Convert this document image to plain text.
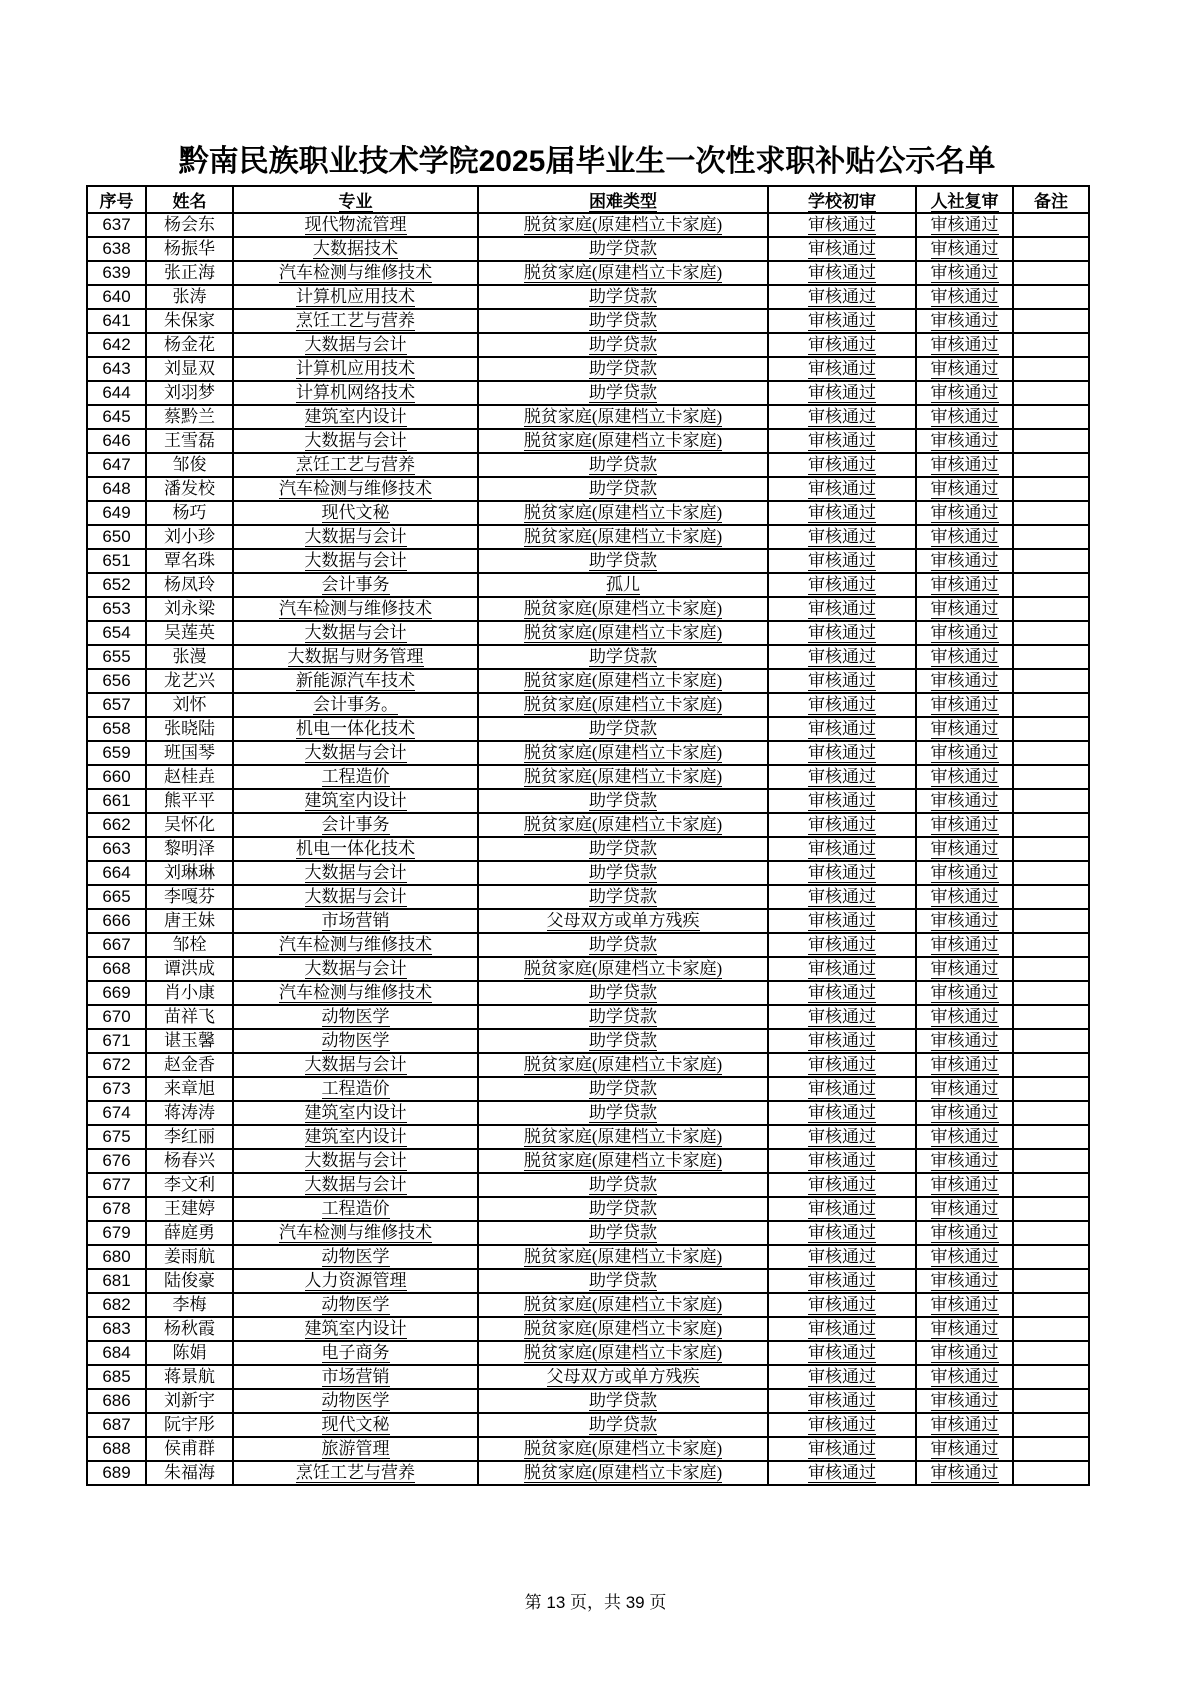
黔南民族职业技术学院2025届毕业生一次性求职补贴公示名单
序号	姓名	专业	困难类型	学校初审	人社复审	备注
637	杨会东	现代物流管理	脱贫家庭(原建档立卡家庭)	审核通过	审核通过	
638	杨振华	大数据技术	助学贷款	审核通过	审核通过	
639	张正海	汽车检测与维修技术	脱贫家庭(原建档立卡家庭)	审核通过	审核通过	
640	张涛	计算机应用技术	助学贷款	审核通过	审核通过	
641	朱保家	烹饪工艺与营养	助学贷款	审核通过	审核通过	
642	杨金花	大数据与会计	助学贷款	审核通过	审核通过	
643	刘显双	计算机应用技术	助学贷款	审核通过	审核通过	
644	刘羽梦	计算机网络技术	助学贷款	审核通过	审核通过	
645	蔡黔兰	建筑室内设计	脱贫家庭(原建档立卡家庭)	审核通过	审核通过	
646	王雪磊	大数据与会计	脱贫家庭(原建档立卡家庭)	审核通过	审核通过	
647	邹俊	烹饪工艺与营养	助学贷款	审核通过	审核通过	
648	潘发校	汽车检测与维修技术	助学贷款	审核通过	审核通过	
649	杨巧	现代文秘	脱贫家庭(原建档立卡家庭)	审核通过	审核通过	
650	刘小珍	大数据与会计	脱贫家庭(原建档立卡家庭)	审核通过	审核通过	
651	覃名珠	大数据与会计	助学贷款	审核通过	审核通过	
652	杨凤玲	会计事务	孤儿	审核通过	审核通过	
653	刘永梁	汽车检测与维修技术	脱贫家庭(原建档立卡家庭)	审核通过	审核通过	
654	吴莲英	大数据与会计	脱贫家庭(原建档立卡家庭)	审核通过	审核通过	
655	张漫	大数据与财务管理	助学贷款	审核通过	审核通过	
656	龙艺兴	新能源汽车技术	脱贫家庭(原建档立卡家庭)	审核通过	审核通过	
657	刘怀	会计事务。	脱贫家庭(原建档立卡家庭)	审核通过	审核通过	
658	张晓陆	机电一体化技术	助学贷款	审核通过	审核通过	
659	班国琴	大数据与会计	脱贫家庭(原建档立卡家庭)	审核通过	审核通过	
660	赵桂垚	工程造价	脱贫家庭(原建档立卡家庭)	审核通过	审核通过	
661	熊平平	建筑室内设计	助学贷款	审核通过	审核通过	
662	吴怀化	会计事务	脱贫家庭(原建档立卡家庭)	审核通过	审核通过	
663	黎明泽	机电一体化技术	助学贷款	审核通过	审核通过	
664	刘琳琳	大数据与会计	助学贷款	审核通过	审核通过	
665	李嘎芬	大数据与会计	助学贷款	审核通过	审核通过	
666	唐王妹	市场营销	父母双方或单方残疾	审核通过	审核通过	
667	邹栓	汽车检测与维修技术	助学贷款	审核通过	审核通过	
668	谭洪成	大数据与会计	脱贫家庭(原建档立卡家庭)	审核通过	审核通过	
669	肖小康	汽车检测与维修技术	助学贷款	审核通过	审核通过	
670	苗祥飞	动物医学	助学贷款	审核通过	审核通过	
671	谌玉馨	动物医学	助学贷款	审核通过	审核通过	
672	赵金香	大数据与会计	脱贫家庭(原建档立卡家庭)	审核通过	审核通过	
673	来章旭	工程造价	助学贷款	审核通过	审核通过	
674	蒋涛涛	建筑室内设计	助学贷款	审核通过	审核通过	
675	李红丽	建筑室内设计	脱贫家庭(原建档立卡家庭)	审核通过	审核通过	
676	杨春兴	大数据与会计	脱贫家庭(原建档立卡家庭)	审核通过	审核通过	
677	李文利	大数据与会计	助学贷款	审核通过	审核通过	
678	王建婷	工程造价	助学贷款	审核通过	审核通过	
679	薛庭勇	汽车检测与维修技术	助学贷款	审核通过	审核通过	
680	姜雨航	动物医学	脱贫家庭(原建档立卡家庭)	审核通过	审核通过	
681	陆俊豪	人力资源管理	助学贷款	审核通过	审核通过	
682	李梅	动物医学	脱贫家庭(原建档立卡家庭)	审核通过	审核通过	
683	杨秋霞	建筑室内设计	脱贫家庭(原建档立卡家庭)	审核通过	审核通过	
684	陈娟	电子商务	脱贫家庭(原建档立卡家庭)	审核通过	审核通过	
685	蒋景航	市场营销	父母双方或单方残疾	审核通过	审核通过	
686	刘新宇	动物医学	助学贷款	审核通过	审核通过	
687	阮宇彤	现代文秘	助学贷款	审核通过	审核通过	
688	侯甫群	旅游管理	脱贫家庭(原建档立卡家庭)	审核通过	审核通过	
689	朱福海	烹饪工艺与营养	脱贫家庭(原建档立卡家庭)	审核通过	审核通过	
第 13 页，共 39 页
